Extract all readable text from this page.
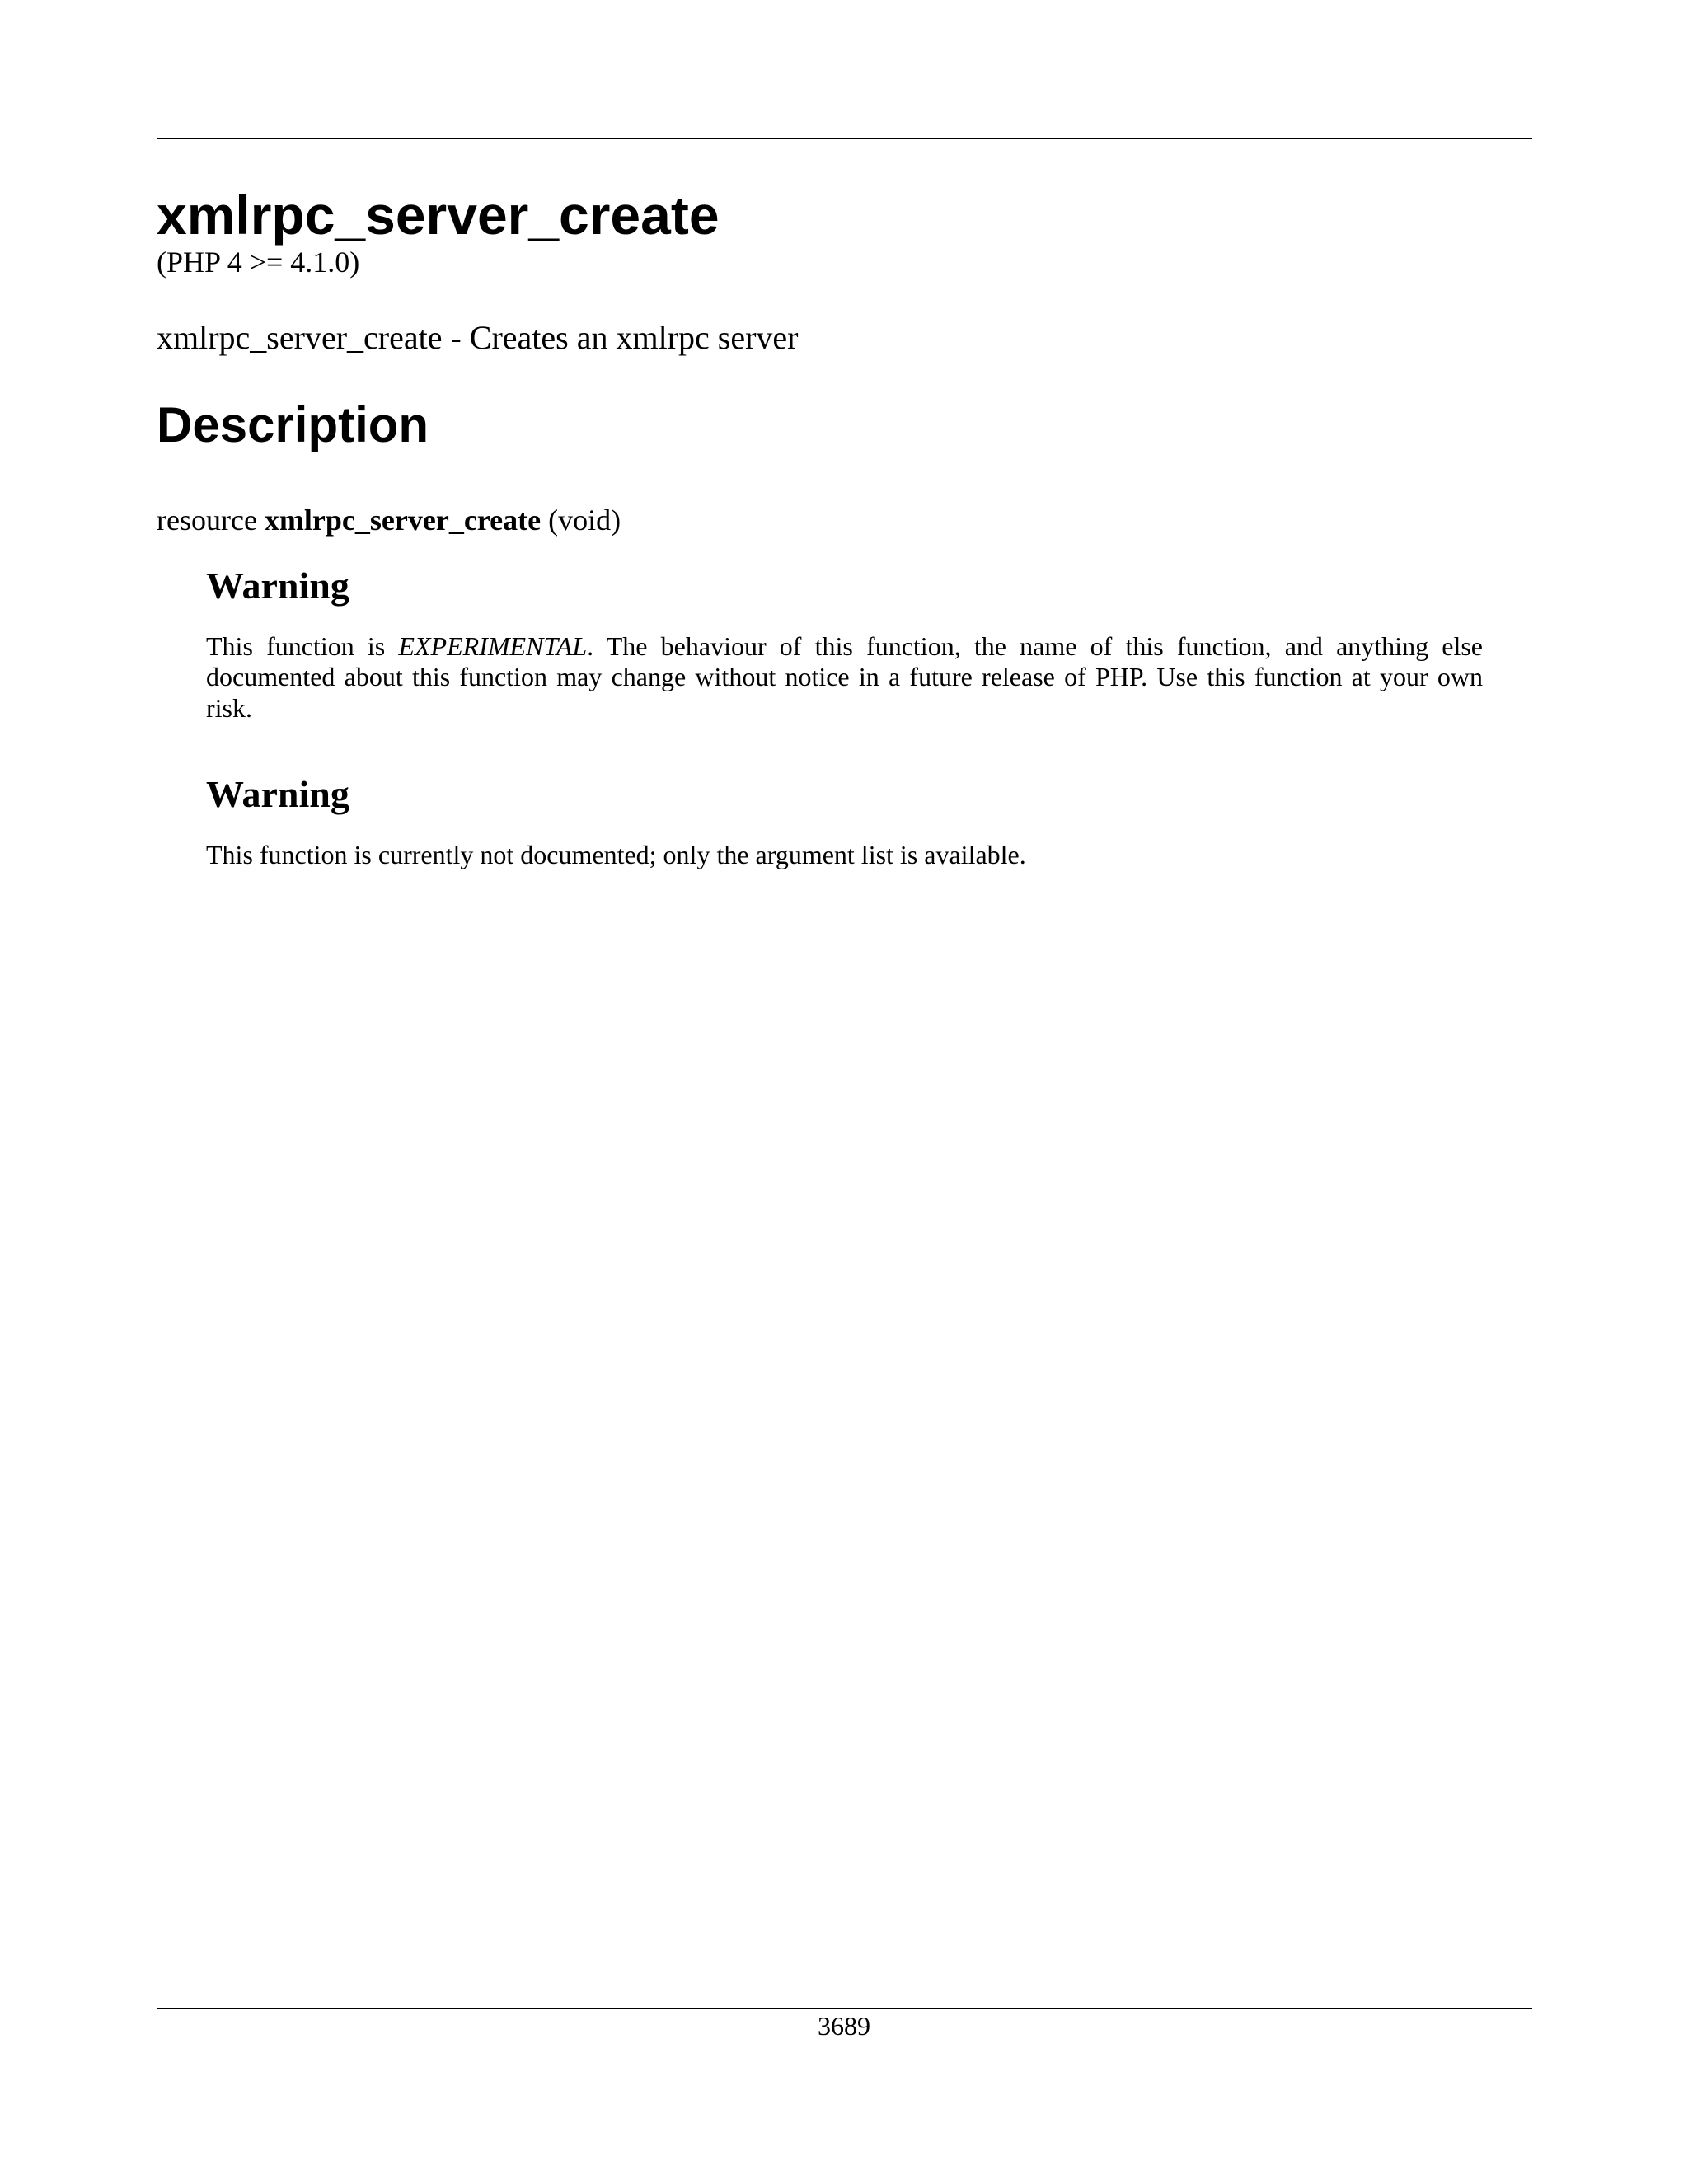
xmlrpc_server_create

(PHP 4 >= 4.1.0)

xmlrpc_server_create - Creates an xmlrpc server

Description

resource xmlrpc_server_create (void)

Warning

This function is EXPERIMENTAL. The behaviour of this function, the name of this function, and anything else documented about this function may change without notice in a future release of PHP. Use this function at your own risk.

Warning

This function is currently not documented; only the argument list is available.

3689
